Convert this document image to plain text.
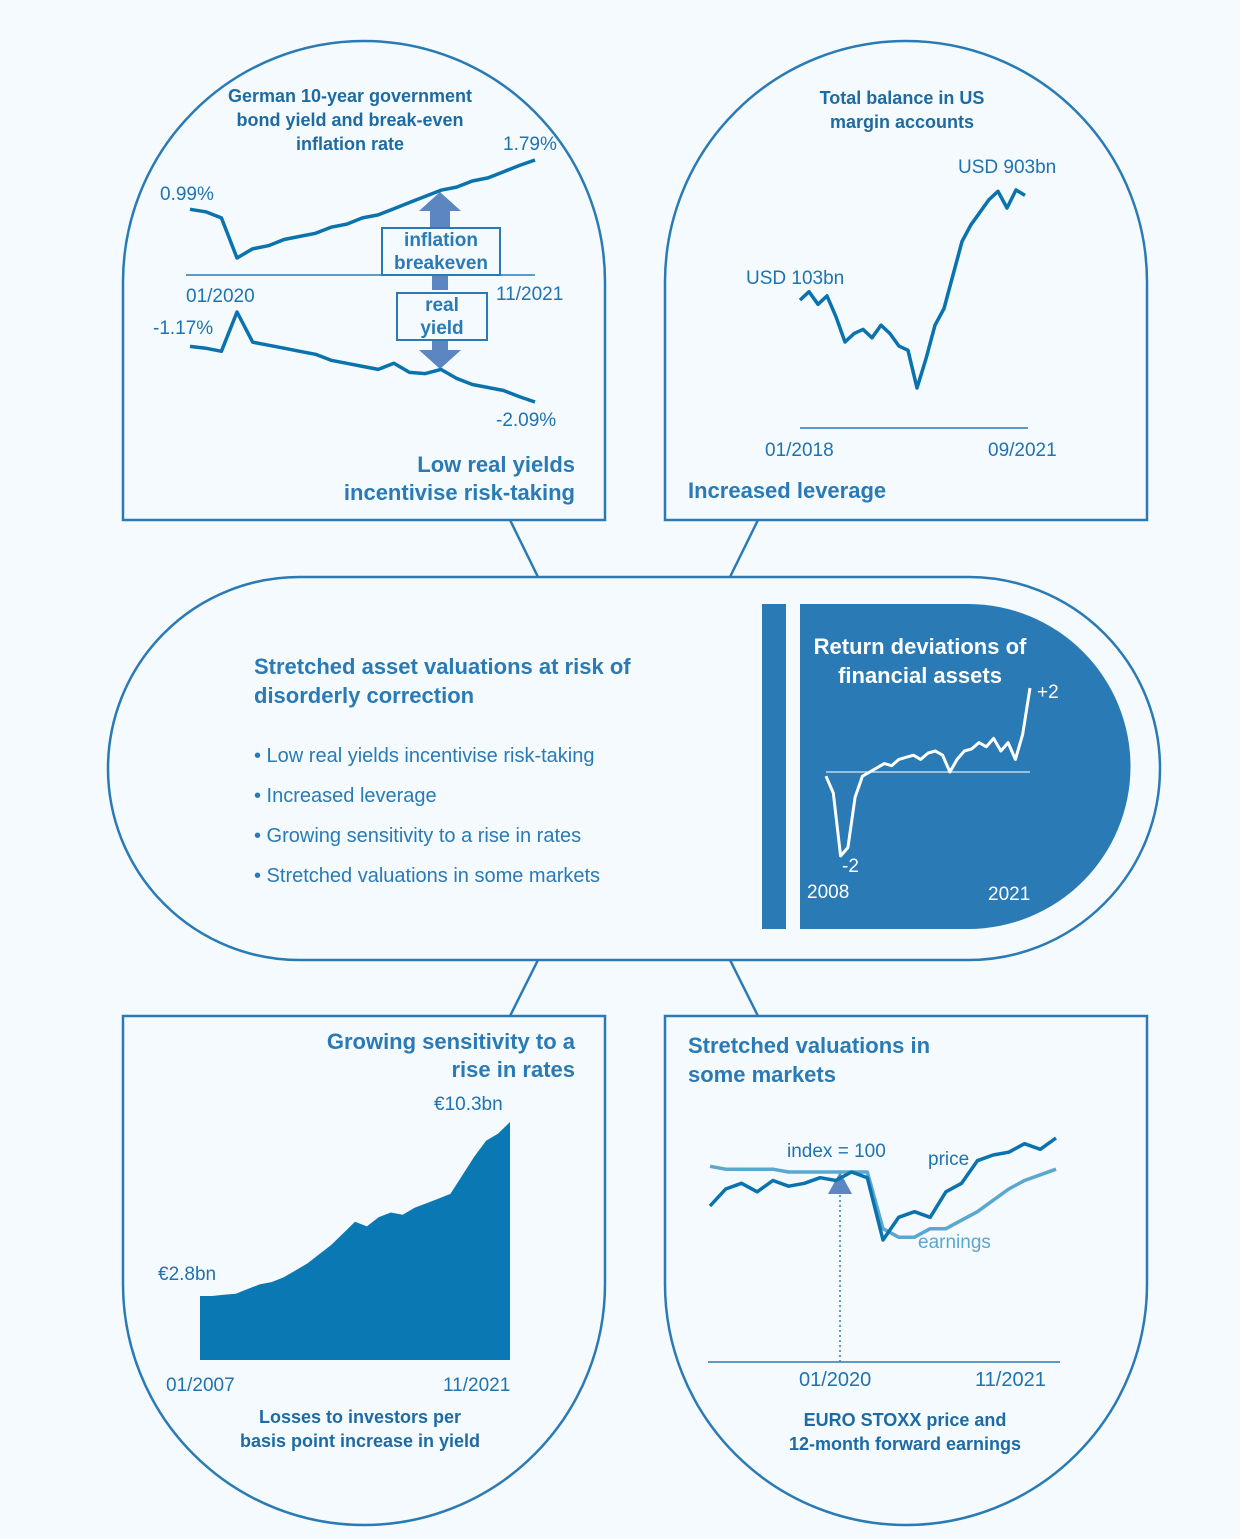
German 10-year government

bond yield and break-even

inflation rate

0.99%

1.79%

-1.17%

-2.09%

01/2020	11/2021

inflation
breakeven
real
yield

Low real yields

incentivise risk-taking

Total balance in US

margin accounts

USD 903bn

USD 103bn

01/2018	09/2021

Increased leverage

Stretched asset valuations at risk of

disorderly correction

• Low real yields incentivise risk-taking

• Increased leverage

• Growing sensitivity to a rise in rates

• Stretched valuations in some markets

Return deviations of

financial assets

+2

-2

2008	2021

Growing sensitivity to a

rise in rates

€10.3bn

€2.8bn

01/2007	11/2021

Losses to investors per

basis point increase in yield

Stretched valuations in

some markets

index = 100 price

earnings

01/2020	11/2021

EURO STOXX price and

12-month forward earnings
